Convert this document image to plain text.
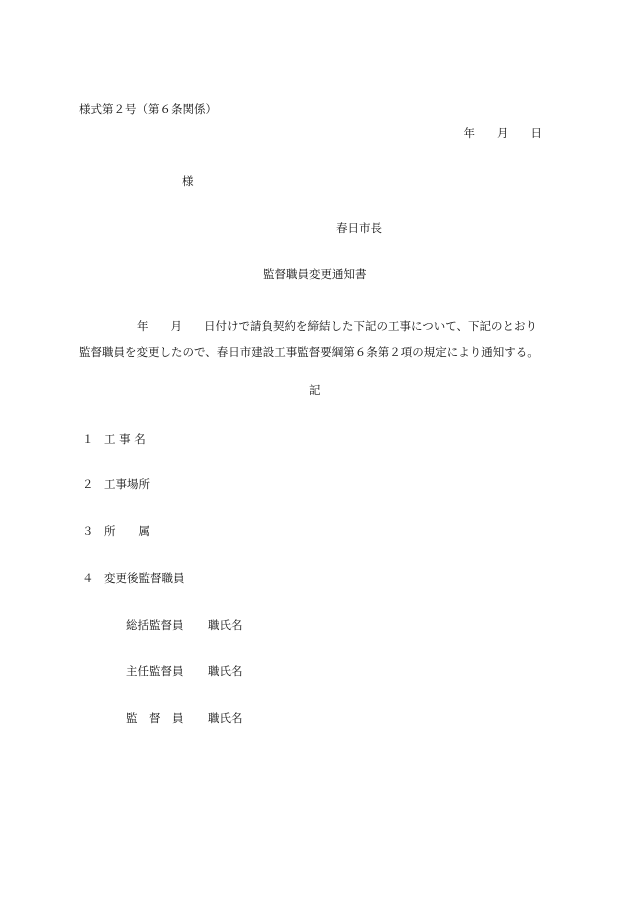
様式第２号（第６条関係）
年 月 日
様
春日市長
監督職員変更通知書
年 月 日付けで請負契約を締結した下記の工事について、下記のとおり
監督職員を変更したので、春日市建設工事監督要綱第６条第２項の規定により通知する。
記
１ 工 事 名
２ 工事場所
３ 所　　属
４ 変更後監督職員
総括監督員 職氏名
主任監督員 職氏名
監　督　員 職氏名
